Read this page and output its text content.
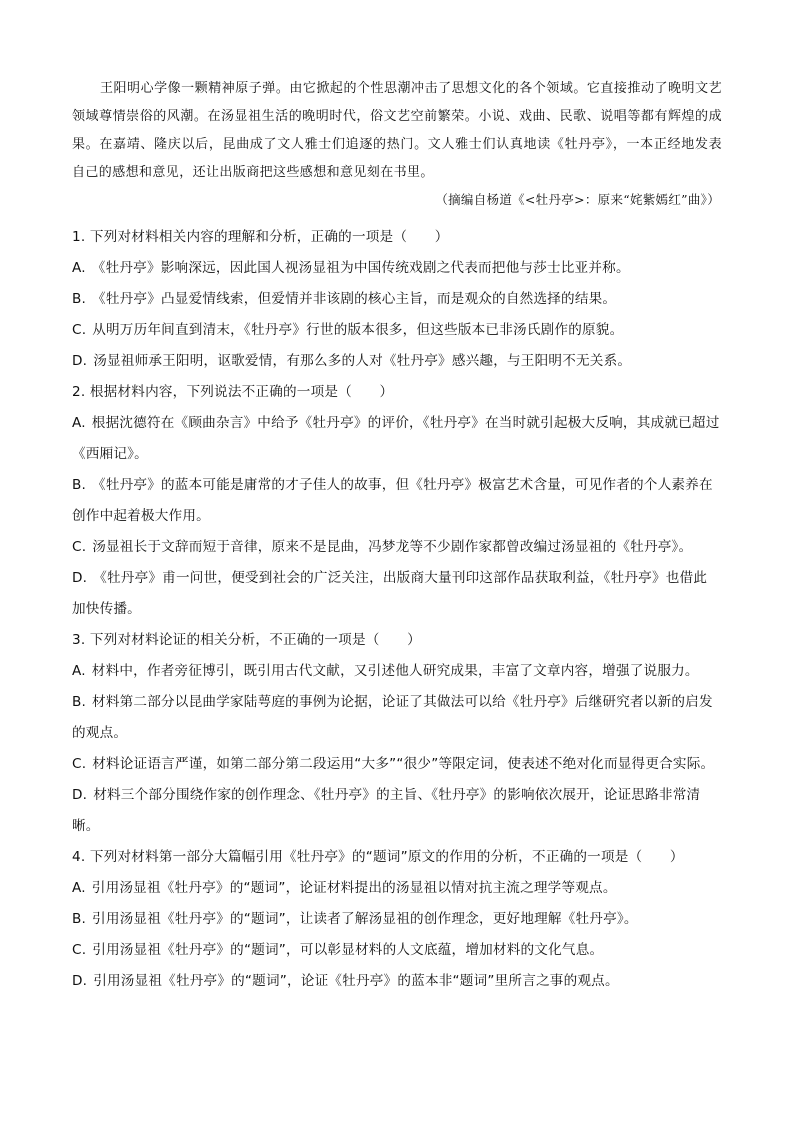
王阳明心学像一颗精神原子弹。由它掀起的个性思潮冲击了思想文化的各个领域。它直接推动了晚明文艺领域尊情崇俗的风潮。在汤显祖生活的晚明时代，俗文艺空前繁荣。小说、戏曲、民歌、说唱等都有辉煌的成果。在嘉靖、隆庆以后，昆曲成了文人雅士们追逐的热门。文人雅士们认真地读《牡丹亭》，一本正经地发表自己的感想和意见，还让出版商把这些感想和意见刻在书里。

（摘编自杨道《<牡丹亭>：原来“姹紫嫣红”曲》）

1. 下列对材料相关内容的理解和分析，正确的一项是（　　）

A. 《牡丹亭》影响深远，因此国人视汤显祖为中国传统戏剧之代表而把他与莎士比亚并称。

B. 《牡丹亭》凸显爱情线索，但爱情并非该剧的核心主旨，而是观众的自然选择的结果。

C. 从明万历年间直到清末，《牡丹亭》行世的版本很多，但这些版本已非汤氏剧作的原貌。

D. 汤显祖师承王阳明，讴歌爱情，有那么多的人对《牡丹亭》感兴趣，与王阳明不无关系。

2. 根据材料内容，下列说法不正确的一项是（　　）

A. 根据沈德符在《顾曲杂言》中给予《牡丹亭》的评价，《牡丹亭》在当时就引起极大反响，其成就已超过《西厢记》。

B. 《牡丹亭》的蓝本可能是庸常的才子佳人的故事，但《牡丹亭》极富艺术含量，可见作者的个人素养在创作中起着极大作用。

C. 汤显祖长于文辞而短于音律，原来不是昆曲，冯梦龙等不少剧作家都曾改编过汤显祖的《牡丹亭》。

D. 《牡丹亭》甫一问世，便受到社会的广泛关注，出版商大量刊印这部作品获取利益，《牡丹亭》也借此加快传播。

3. 下列对材料论证的相关分析，不正确的一项是（　　）

A. 材料中，作者旁征博引，既引用古代文献，又引述他人研究成果，丰富了文章内容，增强了说服力。

B. 材料第二部分以昆曲学家陆萼庭的事例为论据，论证了其做法可以给《牡丹亭》后继研究者以新的启发的观点。

C. 材料论证语言严谨，如第二部分第二段运用“大多”“很少”等限定词，使表述不绝对化而显得更合实际。

D. 材料三个部分围绕作家的创作理念、《牡丹亭》的主旨、《牡丹亭》的影响依次展开，论证思路非常清晰。

4. 下列对材料第一部分大篇幅引用《牡丹亭》的“题词”原文的作用的分析，不正确的一项是（　　）

A. 引用汤显祖《牡丹亭》的“题词”，论证材料提出的汤显祖以情对抗主流之理学等观点。

B. 引用汤显祖《牡丹亭》的“题词”，让读者了解汤显祖的创作理念，更好地理解《牡丹亭》。

C. 引用汤显祖《牡丹亭》的“题词”，可以彰显材料的人文底蕴，增加材料的文化气息。

D. 引用汤显祖《牡丹亭》的“题词”，论证《牡丹亭》的蓝本非“题词”里所言之事的观点。
